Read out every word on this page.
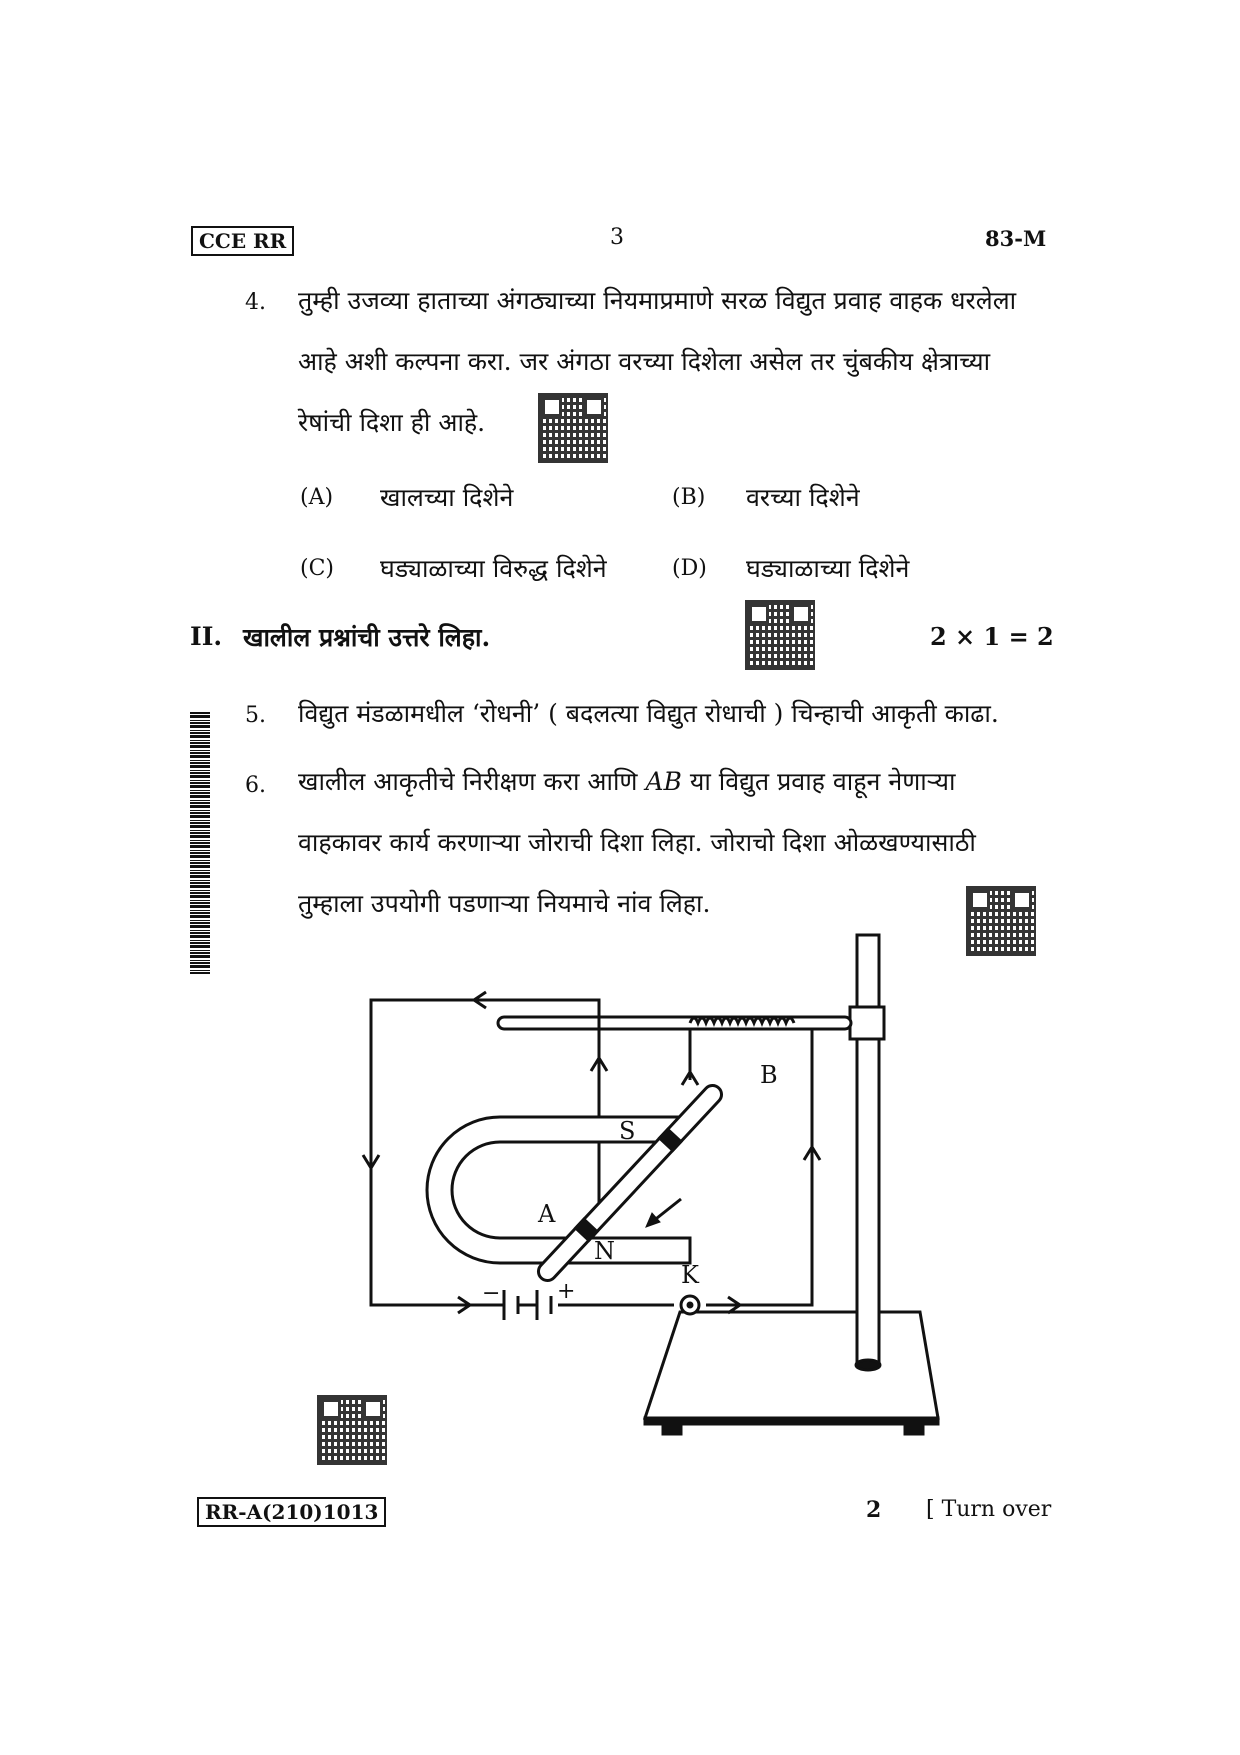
CCE RR	3	83-M
4. तुम्ही उजव्या हाताच्या अंगठ्याच्या नियमाप्रमाणे सरळ विद्युत प्रवाह वाहक धरलेला
आहे अशी कल्पना करा. जर अंगठा वरच्या दिशेला असेल तर चुंबकीय क्षेत्राच्या
रेषांची दिशा ही आहे.
(A) खालच्या दिशेने	(B) वरच्या दिशेने
(C) घड्याळाच्या विरुद्ध दिशेने	(D) घड्याळाच्या दिशेने
II. खालील प्रश्नांची उत्तरे लिहा.	2 × 1 = 2
5. विद्युत मंडळामधील ‘रोधनी’ ( बदलत्या विद्युत रोधाची ) चिन्हाची आकृती काढा.
6. खालील आकृतीचे निरीक्षण करा आणि AB या विद्युत प्रवाह वाहून नेणाऱ्या
वाहकावर कार्य करणाऱ्या जोराची दिशा लिहा. जोराचो दिशा ओळखण्यासाठी
तुम्हाला उपयोगी पडणाऱ्या नियमाचे नांव लिहा.
A
B
S
N
K
−	+
RR-A(210)1013	2 [ Turn over
